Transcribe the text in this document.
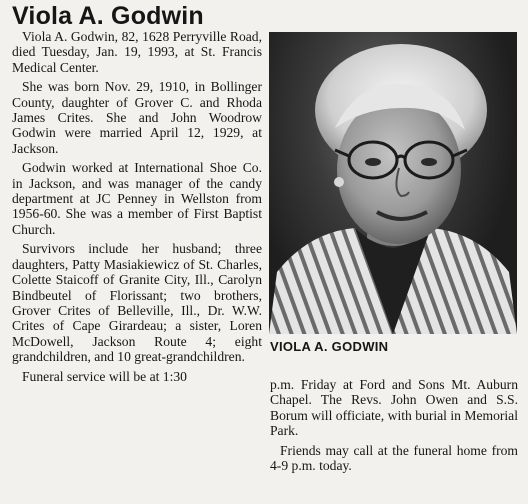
Viola A. Godwin

Viola A. Godwin, 82, 1628 Perryville Road, died Tuesday, Jan. 19, 1993, at St. Francis Medical Center.

She was born Nov. 29, 1910, in Bollinger County, daughter of Grover C. and Rhoda James Crites. She and John Woodrow Godwin were married April 12, 1929, at Jackson.

Godwin worked at International Shoe Co. in Jackson, and was manager of the candy department at JC Penney in Wellston from 1956-60. She was a member of First Baptist Church.

Survivors include her husband; three daughters, Patty Masiakiewicz of St. Charles, Colette Staicoff of Granite City, Ill., Carolyn Bindbeutel of Florissant; two brothers, Grover Crites of Belleville, Ill., Dr. W.W. Crites of Cape Girardeau; a sister, Loren McDowell, Jackson Route 4; eight grandchildren, and 10 great-grandchildren.

Funeral service will be at 1:30

VIOLA A. GODWIN

p.m. Friday at Ford and Sons Mt. Auburn Chapel. The Revs. John Owen and S.S. Borum will officiate, with burial in Memorial Park.

Friends may call at the funeral home from 4-9 p.m. today.
